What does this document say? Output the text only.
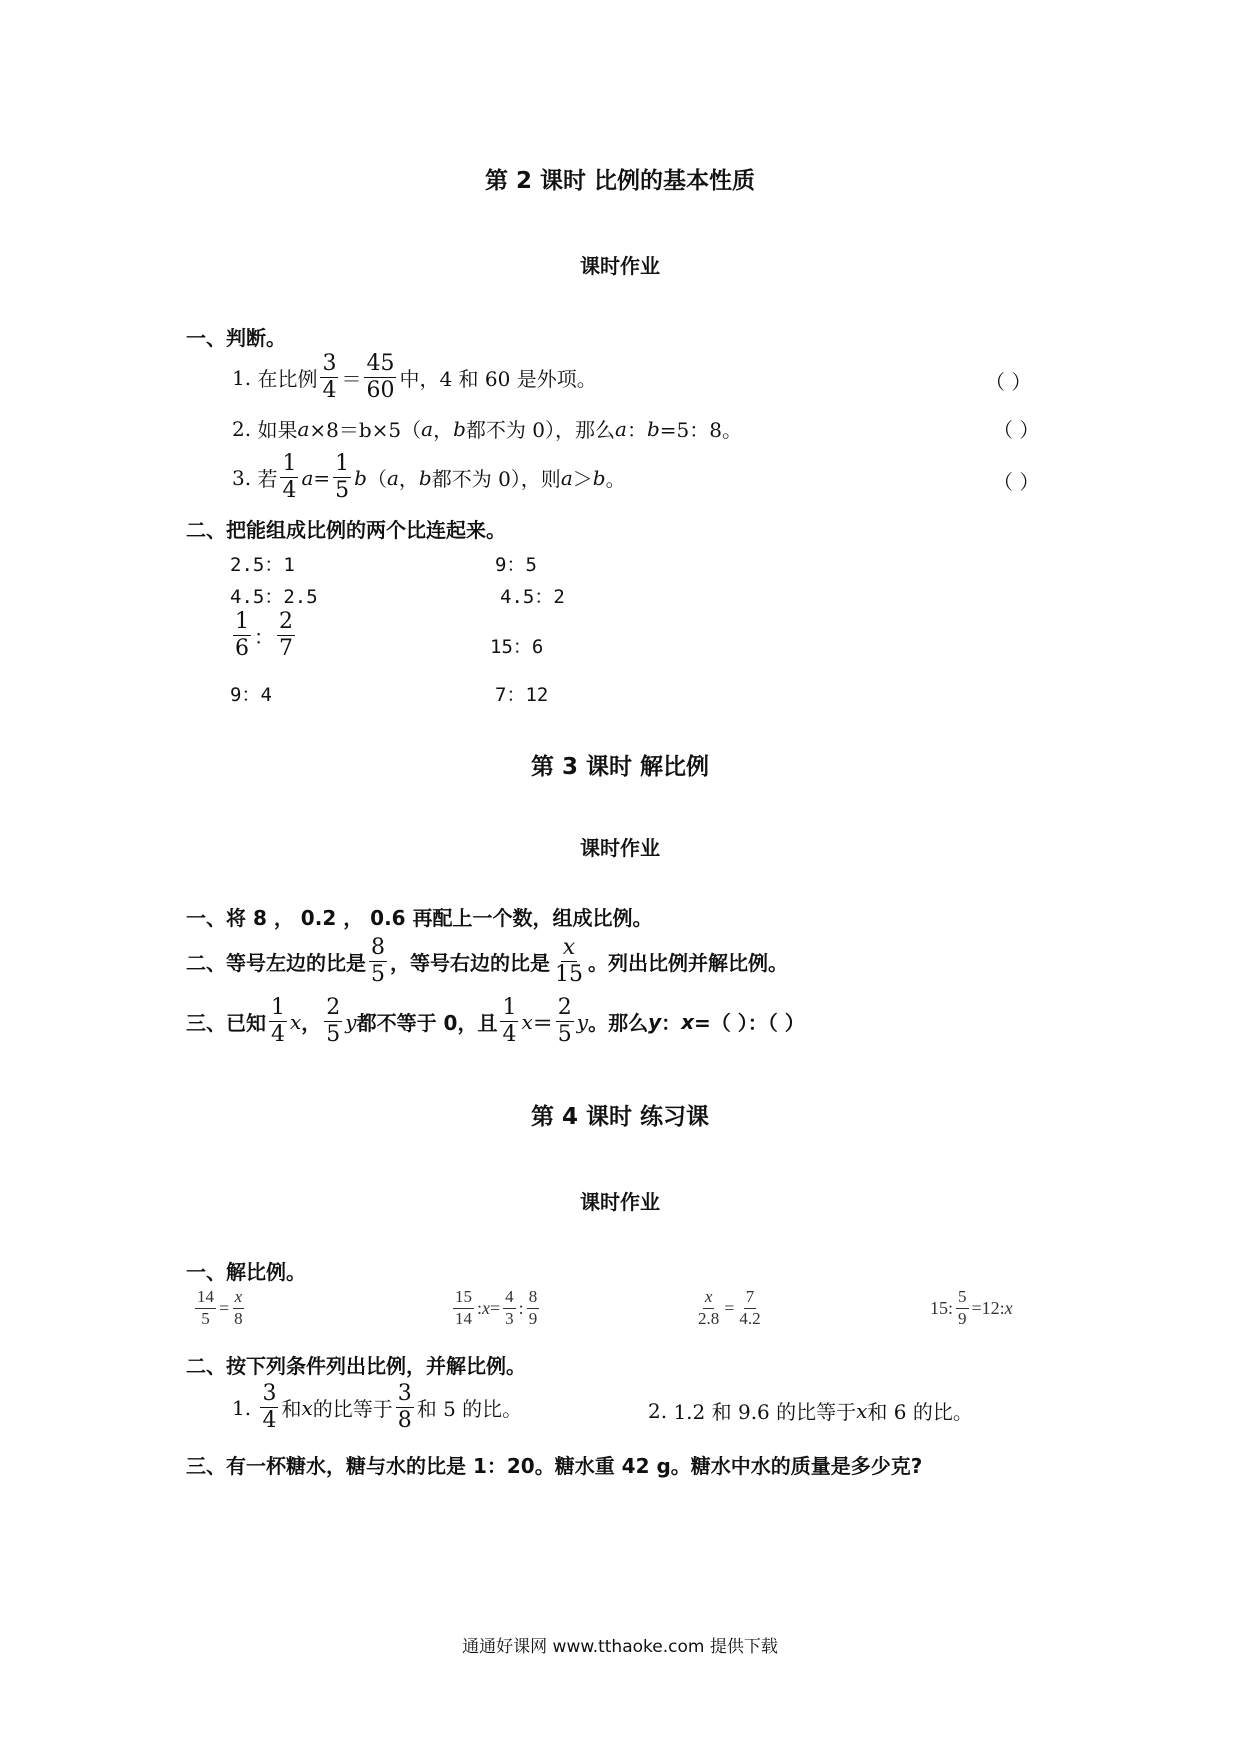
第 2 课时 比例的基本性质
课时作业
一、判断。
1.
在比例 $\frac{3}{4} = \frac{45}{60}$ 中，4 和 60 是外项。	（ ）
2.
如果 a ×8＝b×5（ a ， b 都不为 0），那么 a ： b =5：8。	（ ）
3.
若 $\frac{1}{4}$ $a = \frac{1}{5}$ b （ a ， b 都不为 0），则 a ＞ b 。	（ ）
二、把能组成比例的两个比连起来。
2.5：1
4.5：2.5
$\frac{1}{6}$ ： $\frac{2}{7}$
9：4
9：5
4.5：2
15：6
7：12
第 3 课时 解比例
课时作业
一、将 8 ， 0.2 ， 0.6 再配上一个数，组成比例。
二、等号左边的比是 $\frac{8}{5}$ ，等号右边的比是 $\frac{x}{15}$ 。列出比例并解比例。
三、已知 $\frac{1}{4}$ x ， $\frac{2}{5}$ y 都不等于 0，且 $\frac{1}{4}$ $x = \frac{2}{5}$ y 。那么 y ： x =（ ）：（ ）
第 4 课时 练习课
课时作业
一、解比例。
$\frac{14}{5} = \frac{x}{8}$	$\frac{15}{14}$ : $x = \frac{4}{3}$ : $\frac{8}{9}$	$\frac{x}{2.8} = \frac{7}{4.2}$	15: $\frac{5}{9} =12$: x
二、按下列条件列出比例，并解比例。
1.
$\frac{3}{4}$ 和 x 的比等于 $\frac{3}{8}$ 和 5 的比。	2.
1.2 和 9.6 的比等于 x 和 6 的比。
三、有一杯糖水，糖与水的比是 1：20。糖水重 42 g。糖水中水的质量是多少克?
通通好课网 www.tthaoke.com 提供下载
